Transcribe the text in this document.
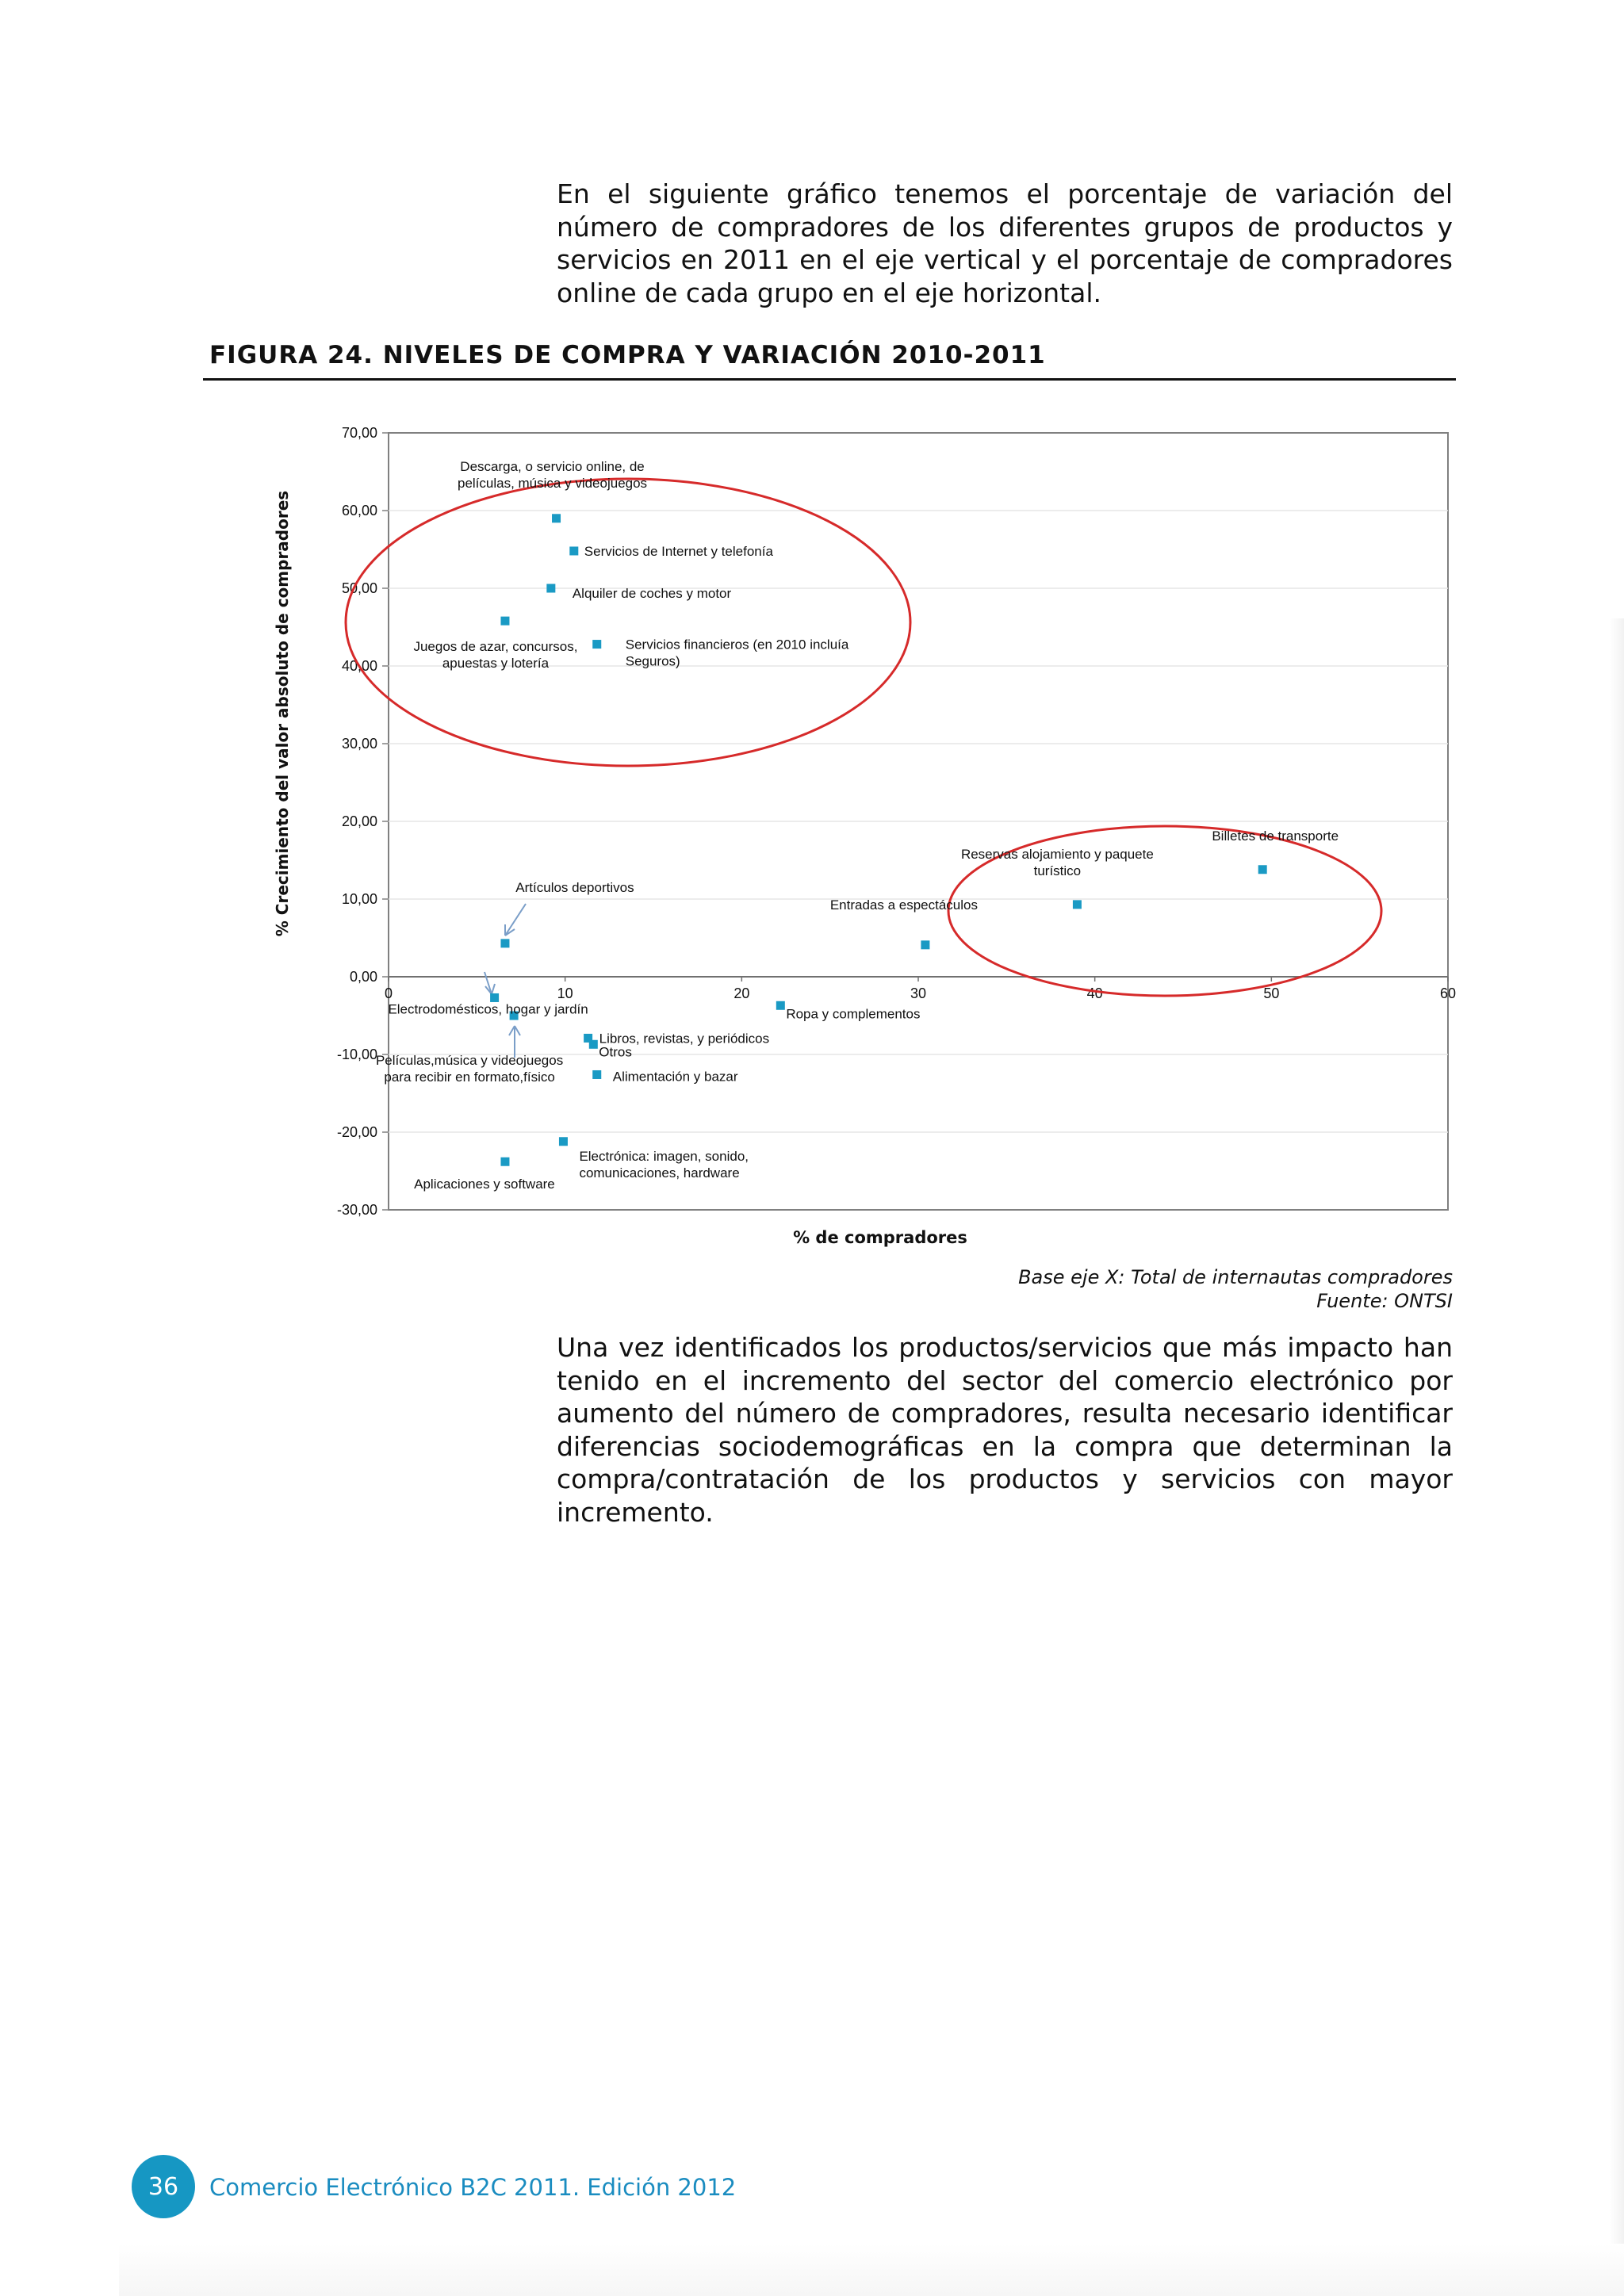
En el siguiente gráfico tenemos el porcentaje de variación del número de compradores de los diferentes grupos de productos y servicios en 2011 en el eje vertical y el porcentaje de compradores online de cada grupo en el eje horizontal.

FIGURA 24. NIVELES DE COMPRA Y VARIACIÓN 2010-2011
70,00
60,00
50,00
40,00
30,00
20,00
10,00
0,00
-10,00
-20,00
-30,00
0	10	20	30	40	50	60
Descarga, o servicio online, de películas, música y videojuegos
Servicios de Internet y telefonía
Alquiler de coches y motor
Juegos de azar, concursos, apuestas y lotería
Servicios financieros (en 2010 incluía Seguros)
Billetes de transporte
Reservas alojamiento y paquete turístico
Entradas a espectáculos
Artículos deportivos
Electrodomésticos, hogar y jardín
Películas,música y videojuegos para recibir en formato,físico
Ropa y complementos
Libros, revistas, y periódicos
Otros
Alimentación y bazar
Electrónica: imagen, sonido, comunicaciones, hardware
Aplicaciones y software
% Crecimiento del valor absoluto de compradores
% de compradores
Base eje X: Total de internautas compradores
Fuente: ONTSI

Una vez identificados los productos/servicios que más impacto han tenido en el incremento del sector del comercio electrónico por aumento del número de compradores, resulta necesario identificar diferencias sociodemográficas en la compra que determinan la compra/contratación de los productos y servicios con mayor incremento.

36	Comercio Electrónico B2C 2011. Edición 2012
